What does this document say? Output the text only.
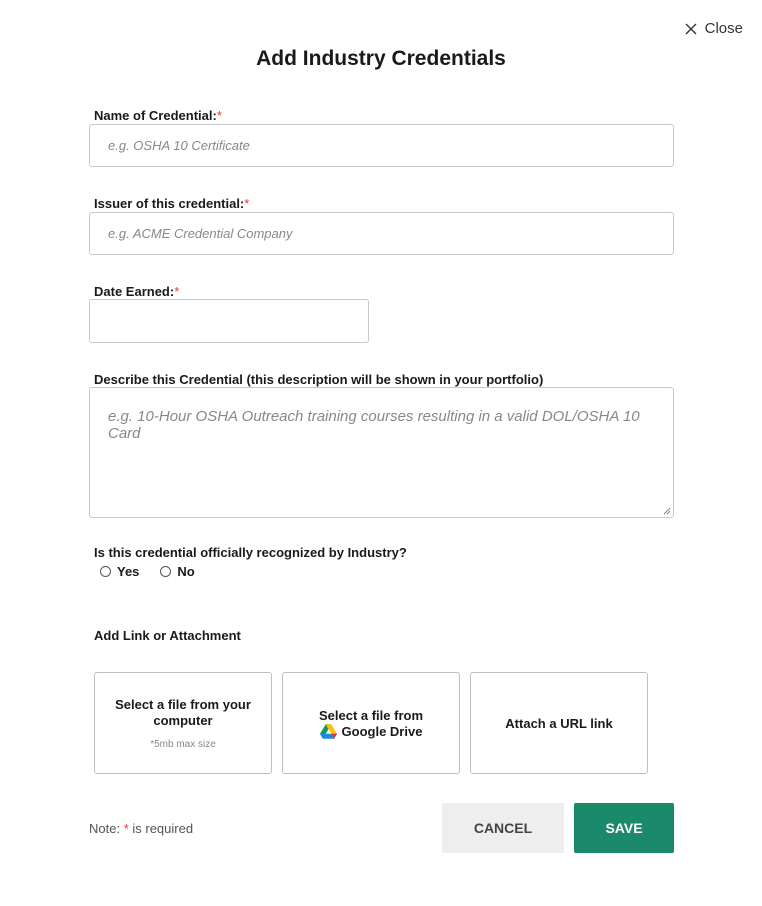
Close
Add Industry Credentials
Name of Credential:*
e.g. OSHA 10 Certificate
Issuer of this credential:*
e.g. ACME Credential Company
Date Earned:*
Describe this Credential (this description will be shown in your portfolio)
e.g. 10-Hour OSHA Outreach training courses resulting in a valid DOL/OSHA 10 Card
Is this credential officially recognized by Industry?
Yes	No
Add Link or Attachment
Select a file from your computer
*5mb max size
Select a file from
Google Drive
Attach a URL link
Note: * is required	CANCEL	SAVE
